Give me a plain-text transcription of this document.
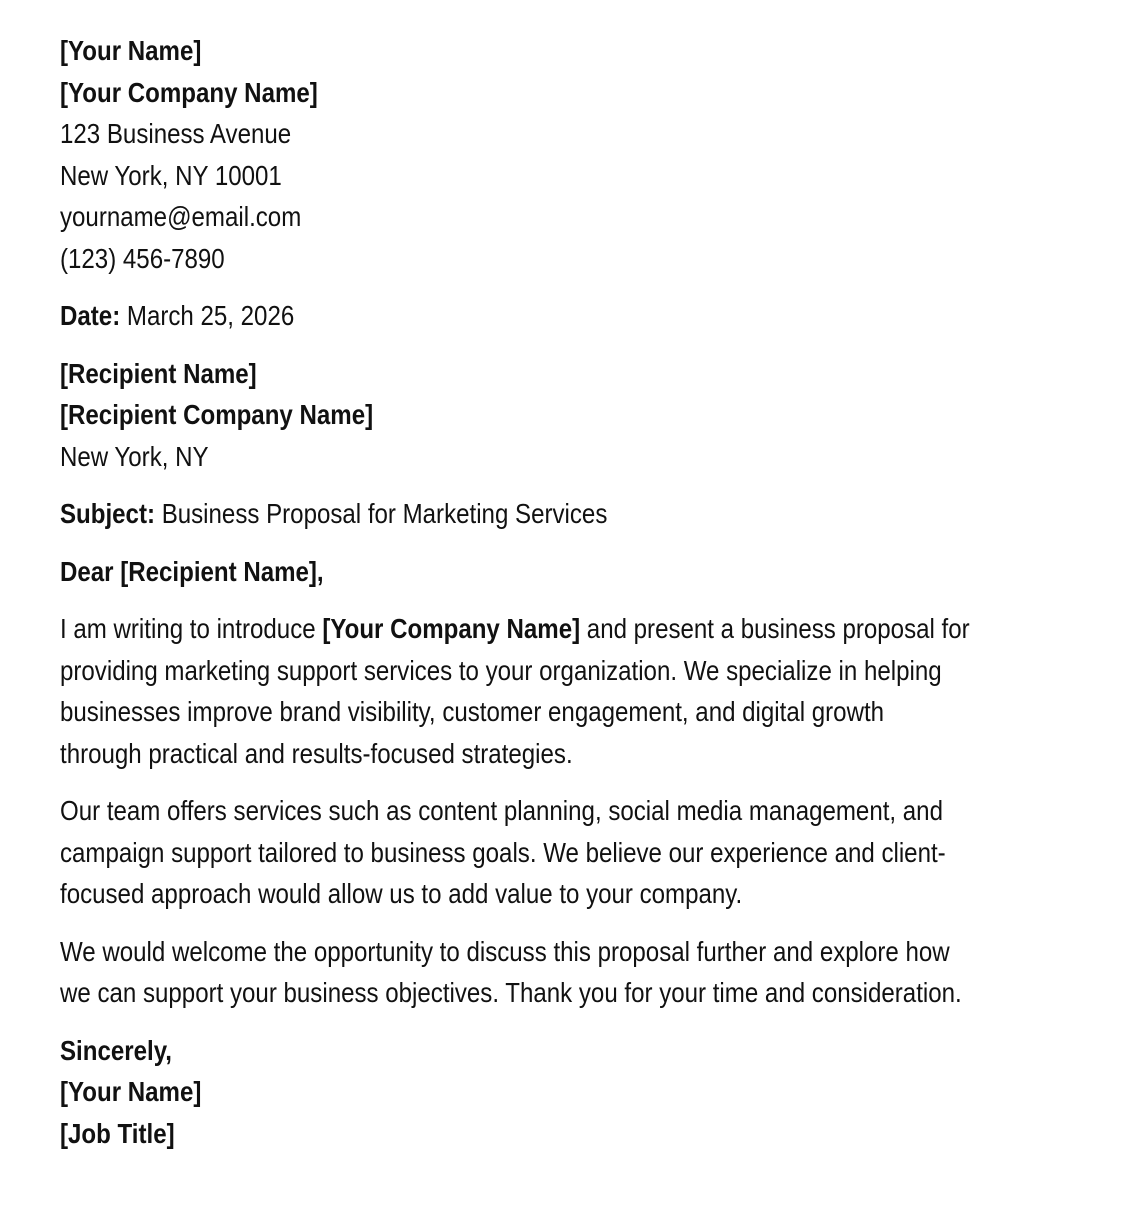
[Your Name]
[Your Company Name]
123 Business Avenue
New York, NY 10001
yourname@email.com
(123) 456-7890
Date: March 25, 2026
[Recipient Name]
[Recipient Company Name]
New York, NY
Subject: Business Proposal for Marketing Services
Dear [Recipient Name],
I am writing to introduce [Your Company Name] and present a business proposal for
providing marketing support services to your organization. We specialize in helping
businesses improve brand visibility, customer engagement, and digital growth
through practical and results-focused strategies.
Our team offers services such as content planning, social media management, and
campaign support tailored to business goals. We believe our experience and client-
focused approach would allow us to add value to your company.
We would welcome the opportunity to discuss this proposal further and explore how
we can support your business objectives. Thank you for your time and consideration.
Sincerely,
[Your Name]
[Job Title]
